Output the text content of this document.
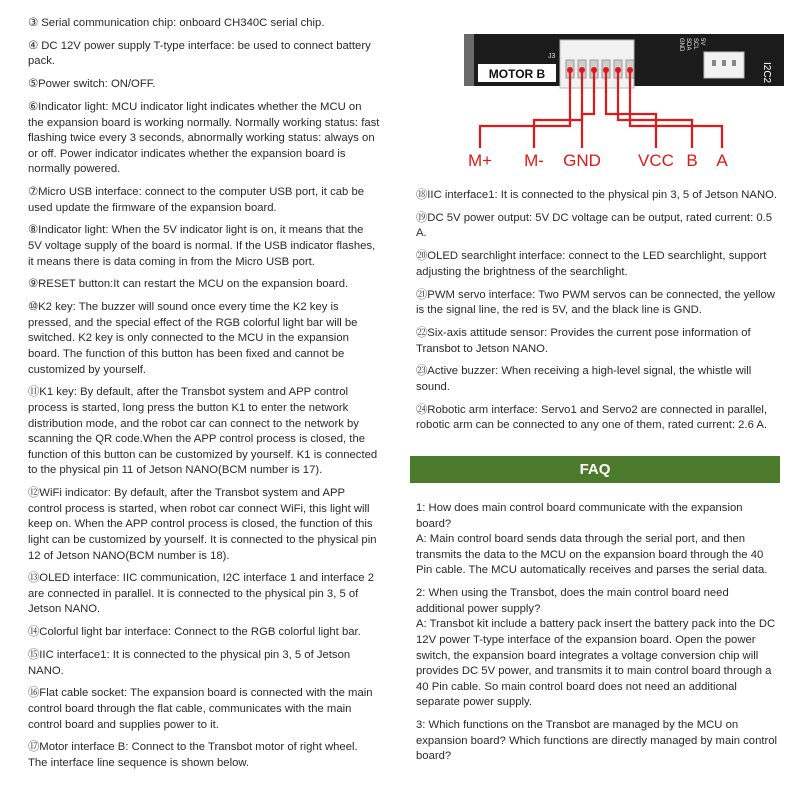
③ Serial communication chip: onboard CH340C serial chip.

④ DC 12V power supply T-type interface: be used to connect battery pack.

⑤Power switch: ON/OFF.

⑥Indicator light: MCU indicator light indicates whether the MCU on the expansion board is working normally. Normally working status: fast flashing twice every 3 seconds, abnormally working status: always on or off. Power indicator indicates whether the expansion board is normally powered.

⑦Micro USB interface: connect to the computer USB port, it cab be used update the firmware of the expansion board.

⑧Indicator light: When the 5V indicator light is on, it means that the 5V voltage supply of the board is normal. If the USB indicator flashes, it means there is data coming in from the Micro USB port.

⑨RESET button:It can restart the MCU on the expansion board.

⑩K2 key: The buzzer will sound once every time the K2 key is pressed, and the special effect of the RGB colorful light bar will be switched. K2 key is only connected to the MCU in the expansion board. The function of this button has been fixed and cannot be customized by yourself.

⑪K1 key: By default, after the Transbot system and APP control process is started, long press the button K1 to enter the network distribution mode, and the robot car can connect to the network by scanning the QR code.When the APP control process is closed, the function of this button can be customized by yourself. K1 is connected to the physical pin 11 of Jetson NANO(BCM number is 17).

⑫WiFi indicator: By default, after the Transbot system and APP control process is started, when robot car connect WiFi, this light will keep on. When the APP control process is closed, the function of this light can be customized by yourself. It is connected to the physical pin 12 of Jetson NANO(BCM number is 18).

⑬OLED interface: IIC communication, I2C interface 1 and interface 2 are connected in parallel. It is connected to the physical pin 3, 5 of Jetson NANO.

⑭Colorful light bar interface: Connect to the RGB colorful light bar.

⑮IIC interface1: It is connected to the physical pin 3, 5 of Jetson NANO.

⑯Flat cable socket: The expansion board is connected with the main control board through the flat cable, communicates with the main control board and supplies power to it.

⑰Motor interface B: Connect to the Transbot motor of right wheel. The interface line sequence is shown below.

MOTOR B
J3
GND SDA SCL 5V
I2C2
M+ M- GND VCC B A

⑱IIC interface1: It is connected to the physical pin 3, 5 of Jetson NANO.

⑲DC 5V power output: 5V DC voltage can be output, rated current: 0.5 A.

⑳OLED searchlight interface: connect to the LED searchlight, support adjusting the brightness of the searchlight.

㉑PWM servo interface: Two PWM servos can be connected, the yellow is the signal line, the red is 5V, and the black line is GND.

㉒Six-axis attitude sensor: Provides the current pose information of Transbot to Jetson NANO.

㉓Active buzzer: When receiving a high-level signal, the whistle will sound.

㉔Robotic arm interface: Servo1 and Servo2 are connected in parallel, robotic arm can be connected to any one of them, rated current: 2.6 A.

FAQ

1: How does main control board communicate with the expansion board?
A: Main control board sends data through the serial port, and then transmits the data to the MCU on the expansion board through the 40 Pin cable. The MCU automatically receives and parses the serial data.

2: When using the Transbot, does the main control board need additional power supply?
A: Transbot kit include a battery pack insert the battery pack into the DC 12V power T-type interface of the expansion board. Open the power switch, the expansion board integrates a voltage conversion chip will provides DC 5V power, and transmits it to main control board through a 40 Pin cable. So main control board does not need an additional separate power supply.

3: Which functions on the Transbot are managed by the MCU on expansion board? Which functions are directly managed by main control board?
